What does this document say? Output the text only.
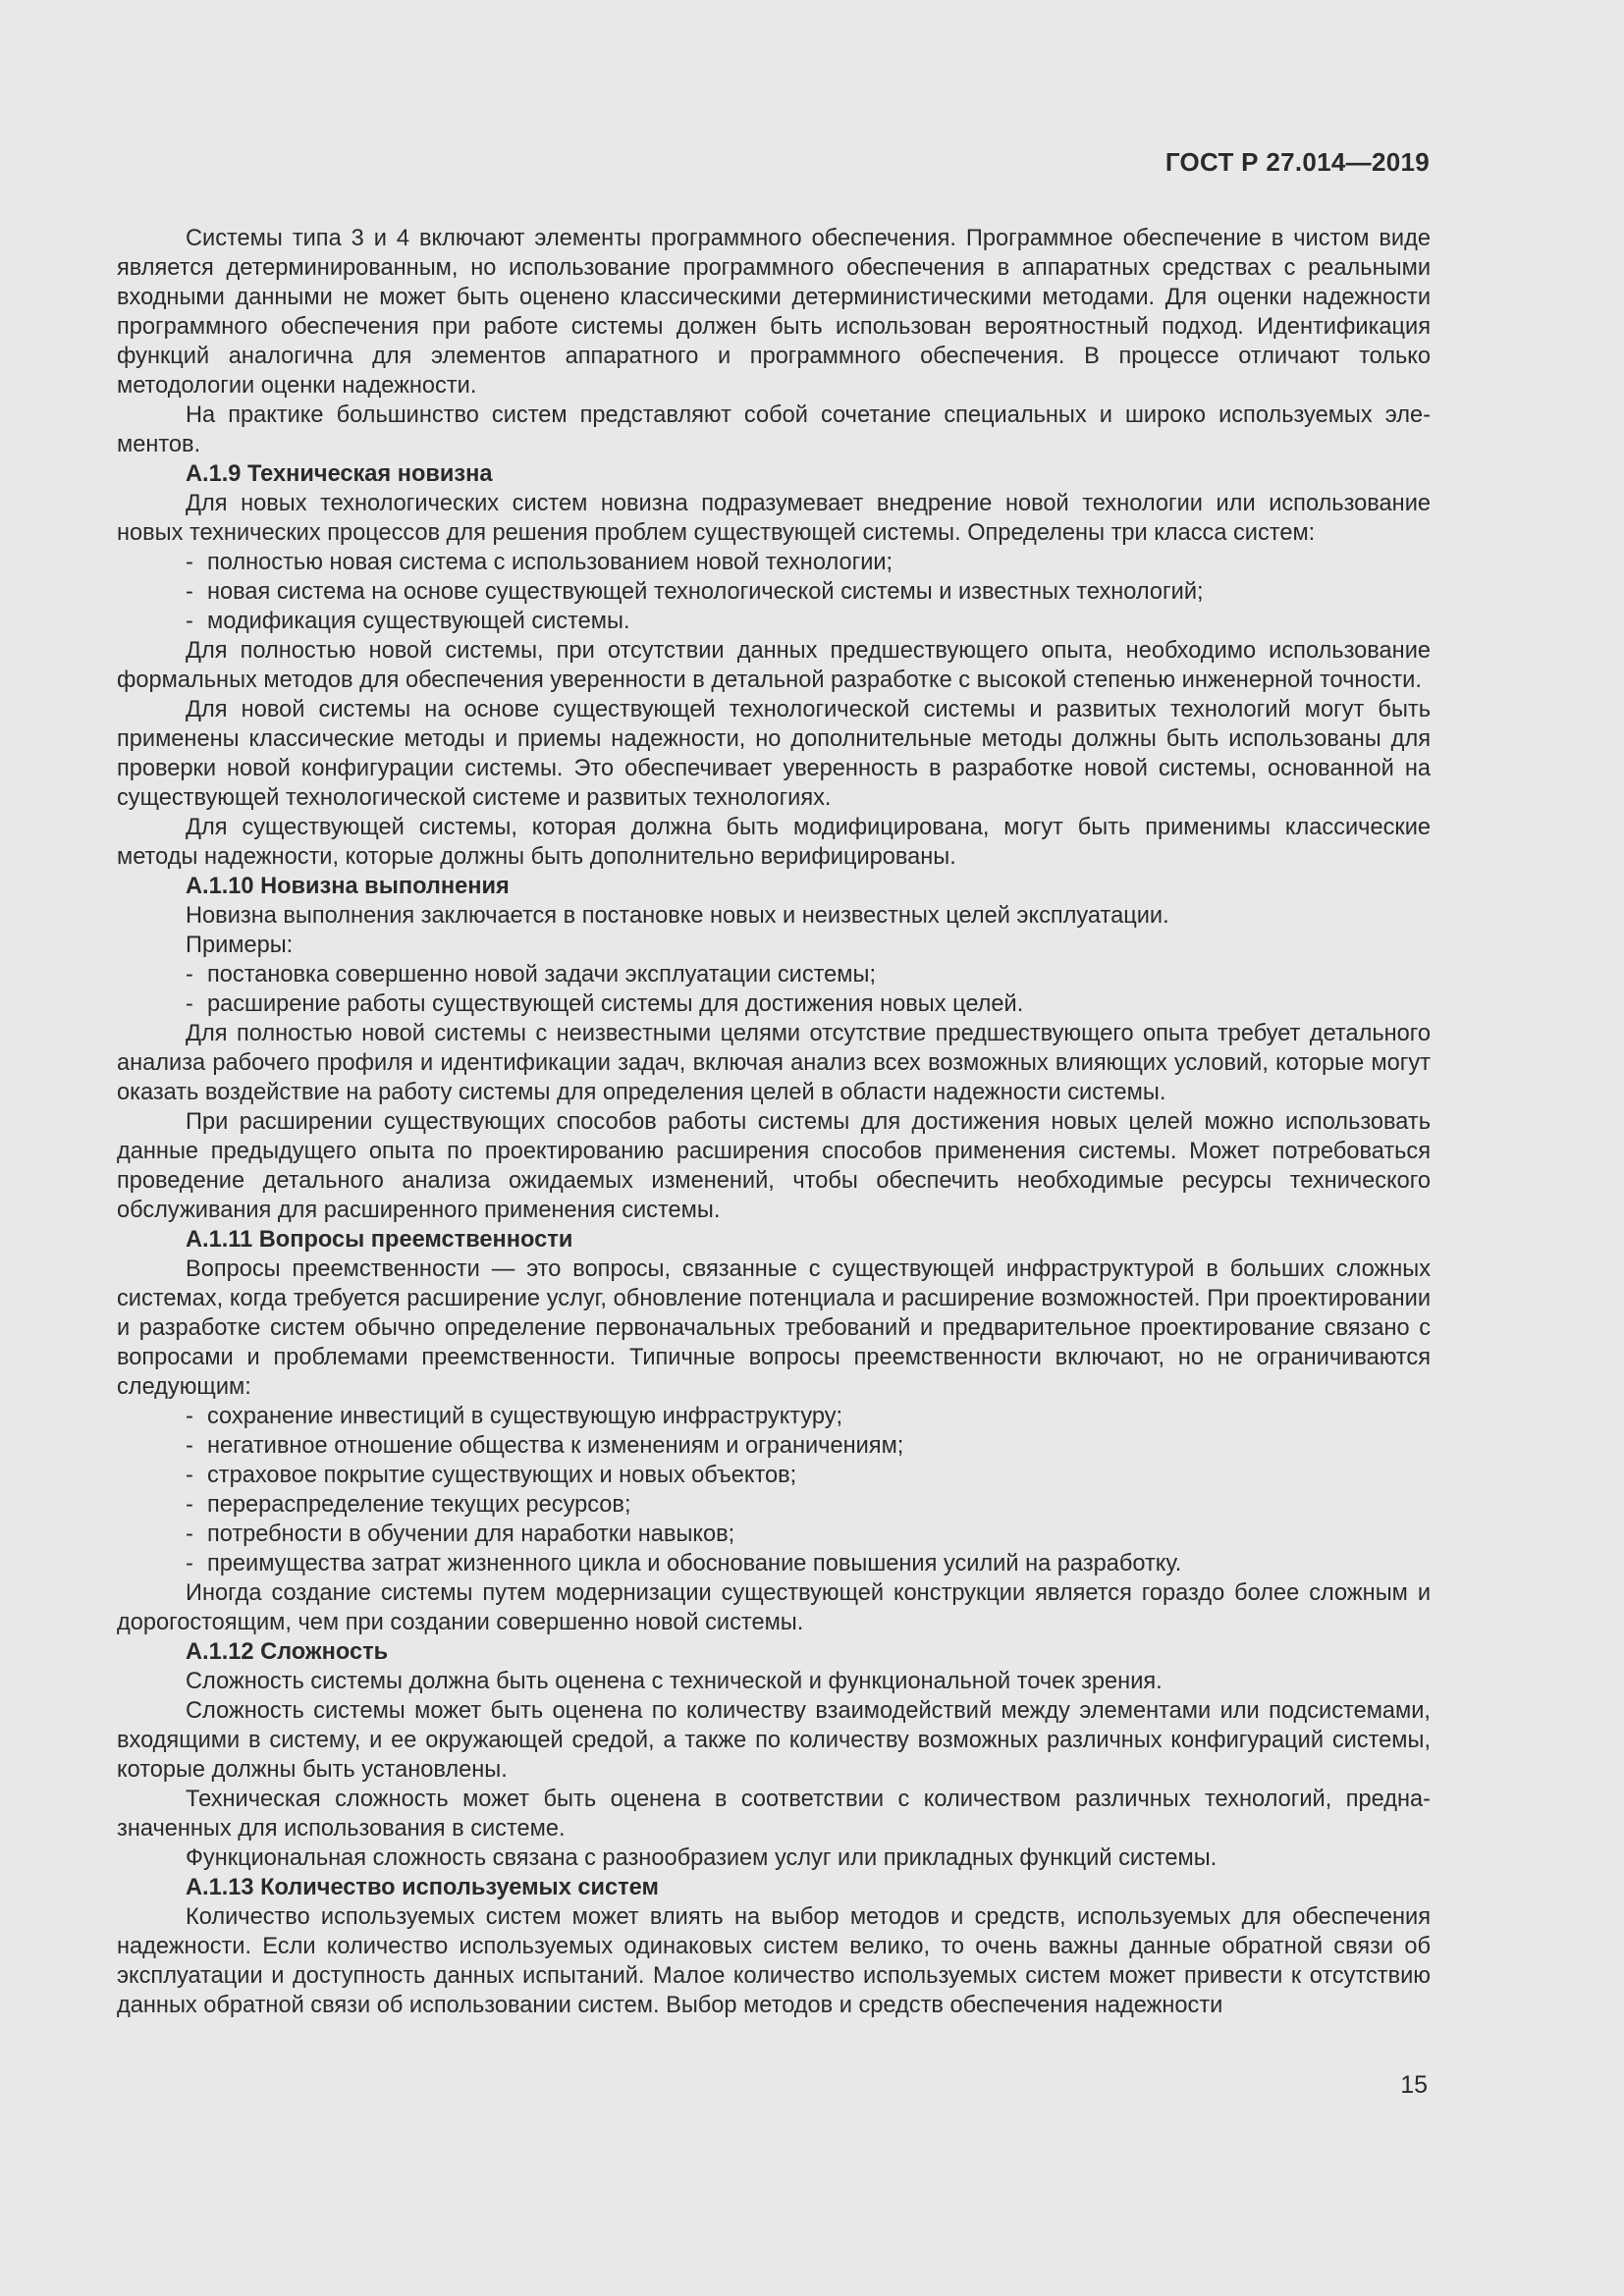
ГОСТ Р 27.014—2019

Системы типа 3 и 4 включают элементы программного обеспечения. Программное обеспечение в чистом виде является детерминированным, но использование программного обеспечения в аппаратных средствах с реальными входными данными не может быть оценено классическими детерминистическими методами. Для оценки надежности программного обеспечения при работе системы должен быть использован вероятностный подход. Идентификация функций аналогична для элементов аппаратного и программного обеспечения. В процессе отличают только методологии оценки надежности.

На практике большинство систем представляют собой сочетание специальных и широко используемых элементов.

А.1.9 Техническая новизна

Для новых технологических систем новизна подразумевает внедрение новой технологии или использование новых технических процессов для решения проблем существующей системы. Определены три класса систем:

- полностью новая система с использованием новой технологии;
- новая система на основе существующей технологической системы и известных технологий;
- модификация существующей системы.

Для полностью новой системы, при отсутствии данных предшествующего опыта, необходимо использование формальных методов для обеспечения уверенности в детальной разработке с высокой степенью инженерной точности.

Для новой системы на основе существующей технологической системы и развитых технологий могут быть применены классические методы и приемы надежности, но дополнительные методы должны быть использованы для проверки новой конфигурации системы. Это обеспечивает уверенность в разработке новой системы, основанной на существующей технологической системе и развитых технологиях.

Для существующей системы, которая должна быть модифицирована, могут быть применимы классические методы надежности, которые должны быть дополнительно верифицированы.

А.1.10 Новизна выполнения

Новизна выполнения заключается в постановке новых и неизвестных целей эксплуатации.

Примеры:

- постановка совершенно новой задачи эксплуатации системы;
- расширение работы существующей системы для достижения новых целей.

Для полностью новой системы с неизвестными целями отсутствие предшествующего опыта требует детального анализа рабочего профиля и идентификации задач, включая анализ всех возможных влияющих условий, которые могут оказать воздействие на работу системы для определения целей в области надежности системы.

При расширении существующих способов работы системы для достижения новых целей можно использовать данные предыдущего опыта по проектированию расширения способов применения системы. Может потребоваться проведение детального анализа ожидаемых изменений, чтобы обеспечить необходимые ресурсы технического обслуживания для расширенного применения системы.

А.1.11 Вопросы преемственности

Вопросы преемственности — это вопросы, связанные с существующей инфраструктурой в больших сложных системах, когда требуется расширение услуг, обновление потенциала и расширение возможностей. При проектировании и разработке систем обычно определение первоначальных требований и предварительное проектирование связано с вопросами и проблемами преемственности. Типичные вопросы преемственности включают, но не ограничиваются следующим:

- сохранение инвестиций в существующую инфраструктуру;
- негативное отношение общества к изменениям и ограничениям;
- страховое покрытие существующих и новых объектов;
- перераспределение текущих ресурсов;
- потребности в обучении для наработки навыков;
- преимущества затрат жизненного цикла и обоснование повышения усилий на разработку.

Иногда создание системы путем модернизации существующей конструкции является гораздо более сложным и дорогостоящим, чем при создании совершенно новой системы.

А.1.12 Сложность

Сложность системы должна быть оценена с технической и функциональной точек зрения.

Сложность системы может быть оценена по количеству взаимодействий между элементами или подсистемами, входящими в систему, и ее окружающей средой, а также по количеству возможных различных конфигураций системы, которые должны быть установлены.

Техническая сложность может быть оценена в соответствии с количеством различных технологий, предназначенных для использования в системе.

Функциональная сложность связана с разнообразием услуг или прикладных функций системы.

А.1.13 Количество используемых систем

Количество используемых систем может влиять на выбор методов и средств, используемых для обеспечения надежности. Если количество используемых одинаковых систем велико, то очень важны данные обратной связи об эксплуатации и доступность данных испытаний. Малое количество используемых систем может привести к отсутствию данных обратной связи об использовании систем. Выбор методов и средств обеспечения надежности

15
